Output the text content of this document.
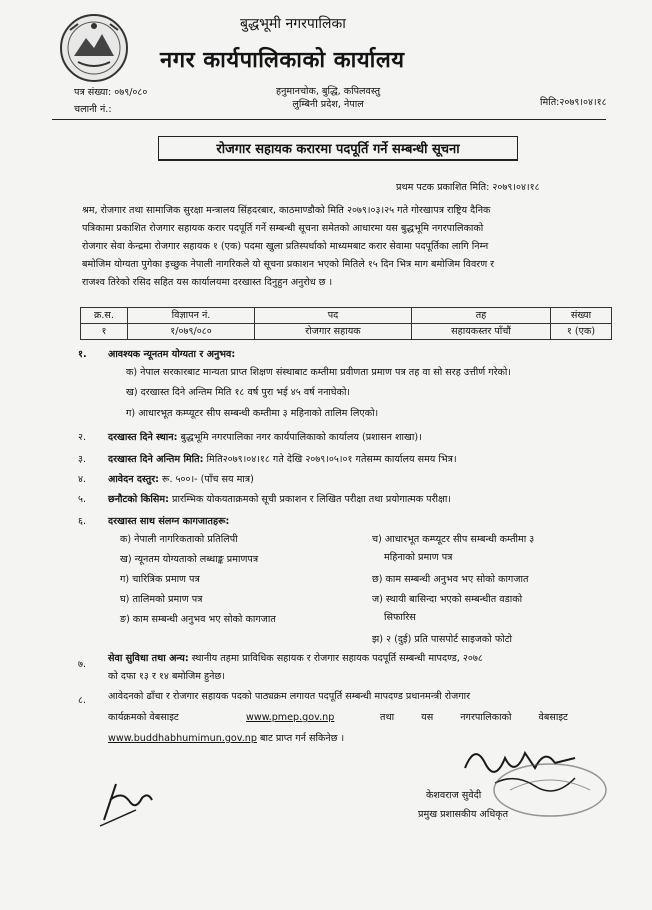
बुद्धभूमी नगरपालिका
नगर कार्यपालिकाको कार्यालय
हनुमानचोक, बुद्धि, कपिलवस्तु
लुम्बिनी प्रदेश, नेपाल
पत्र संख्या: ०७९/०८०
चलानी नं.:
मिति:२०७९।०४।१८
रोजगार सहायक करारमा पदपूर्ति गर्ने सम्बन्धी सूचना
प्रथम पटक प्रकाशित मिति: २०७९।०४।१८
श्रम, रोजगार तथा सामाजिक सुरक्षा मन्त्रालय सिंहदरबार, काठमाण्डौको मिति २०७९।०३।२५ गते गोरखापत्र राष्ट्रिय दैनिक
पत्रिकामा प्रकाशित रोजगार सहायक करार पदपूर्ति गर्ने सम्बन्धी सूचना समेतको आधारमा यस बुद्धभूमि नगरपालिकाको
रोजगार सेवा केन्द्रमा रोजगार सहायक १ (एक) पदमा खुला प्रतिस्पर्धाको माध्यमबाट करार सेवामा पदपूर्तिका लागि निम्न
बमोजिम योग्यता पुगेका इच्छुक नेपाली नागरिकले यो सूचना प्रकाशन भएको मितिले १५ दिन भित्र माग बमोजिम विवरण र
राजश्व तिरेको रसिद सहित यस कार्यालयमा दरखास्त दिनुहुन अनुरोध छ ।
क्र.स.	विज्ञापन नं.	पद	तह	संख्या
१	१/०७९/०८०	रोजगार सहायक	सहायकस्तर पाँचौं	१ (एक)
१. आवश्यक न्यूनतम योग्यता र अनुभव:
क) नेपाल सरकारबाट मान्यता प्राप्त शिक्षण संस्थाबाट कम्तीमा प्रवीणता प्रमाण पत्र तह वा सो सरह उत्तीर्ण गरेको।
ख) दरखास्त दिने अन्तिम मिति १८ वर्ष पुरा भई ४५ वर्ष ननाघेको।
ग) आधारभूत कम्प्यूटर सीप सम्बन्धी कम्तीमा ३ महिनाको तालिम लिएको।
२. दरखास्त दिने स्थान: बुद्धभूमि नगरपालिका नगर कार्यपालिकाको कार्यालय (प्रशासन शाखा)।
३. दरखास्त दिने अन्तिम मिति: मिति२०७९।०४।१८ गते देखि २०७९।०५।०१ गतेसम्म कार्यालय समय भित्र।
४. आवेदन दस्तुर: रू. ५००।- (पाँच सय मात्र)
५. छनौटको किसिम: प्रारम्भिक योकयताक्रमको सूची प्रकाशन र लिखित परीक्षा तथा प्रयोगात्मक परीक्षा।
६. दरखास्त साथ संलग्न कागजातहरू:
क) नेपाली नागरिकताको प्रतिलिपी
ख) न्यूनतम योग्यताको लब्धाङ्क प्रमाणपत्र
ग) चारित्रिक प्रमाण पत्र
घ) तालिमको प्रमाण पत्र
ङ) काम सम्बन्धी अनुभव भए सोको कागजात
च) आधारभूत कम्प्यूटर सीप सम्बन्धी कम्तीमा ३
महिनाको प्रमाण पत्र
छ) काम सम्बन्धी अनुभव भए सोको कागजात
ज) स्थायी बासिन्दा भएको सम्बन्धीत वडाको
सिफारिस
झ) २ (दुई) प्रति पासपोर्ट साइजको फोटो
७.
सेवा सुविधा तथा अन्य: स्थानीय तहमा प्राविधिक सहायक र रोजगार सहायक पदपूर्ति सम्बन्धी मापदण्ड, २०७८
को दफा १३ र १४ बमोजिम हुनेछ।
८. आवेदनको ढाँचा र रोजगार सहायक पदको पाठ्यक्रम लगायत पदपूर्ति सम्बन्धी मापदण्ड प्रधानमन्त्री रोजगार
कार्यक्रमको वेबसाइट	www.pmep.gov.np	तथा यस नगरपालिकाको वेबसाइट
www.buddhabhumimun.gov.np बाट प्राप्त गर्न सकिनेछ ।
केशवराज सुवेदी
प्रमुख प्रशासकीय अधिकृत
